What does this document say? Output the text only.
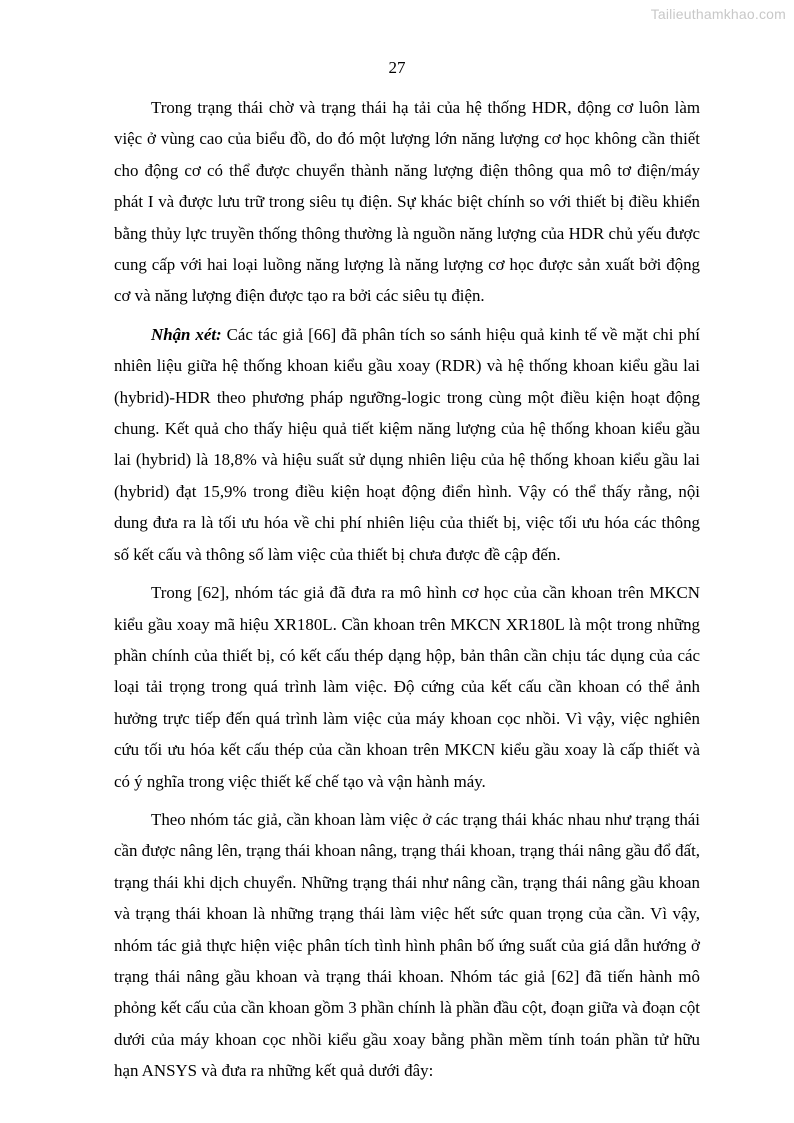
Tailieuthamkhao.com
27

Trong trạng thái chờ và trạng thái hạ tải của hệ thống HDR, động cơ luôn làm việc ở vùng cao của biểu đồ, do đó một lượng lớn năng lượng cơ học không cần thiết cho động cơ có thể được chuyển thành năng lượng điện thông qua mô tơ điện/máy phát I và được lưu trữ trong siêu tụ điện. Sự khác biệt chính so với thiết bị điều khiển bằng thủy lực truyền thống thông thường là nguồn năng lượng của HDR chủ yếu được cung cấp với hai loại luồng năng lượng là năng lượng cơ học được sản xuất bởi động cơ và năng lượng điện được tạo ra bởi các siêu tụ điện.

Nhận xét: Các tác giả [66] đã phân tích so sánh hiệu quả kinh tế về mặt chi phí nhiên liệu giữa hệ thống khoan kiểu gầu xoay (RDR) và hệ thống khoan kiểu gầu lai (hybrid)-HDR theo phương pháp ngưỡng-logic trong cùng một điều kiện hoạt động chung. Kết quả cho thấy hiệu quả tiết kiệm năng lượng của hệ thống khoan kiểu gầu lai (hybrid) là 18,8% và hiệu suất sử dụng nhiên liệu của hệ thống khoan kiểu gầu lai (hybrid) đạt 15,9% trong điều kiện hoạt động điển hình. Vậy có thể thấy rằng, nội dung đưa ra là tối ưu hóa về chi phí nhiên liệu của thiết bị, việc tối ưu hóa các thông số kết cấu và thông số làm việc của thiết bị chưa được đề cập đến.

Trong [62], nhóm tác giả đã đưa ra mô hình cơ học của cần khoan trên MKCN kiểu gầu xoay mã hiệu XR180L. Cần khoan trên MKCN XR180L là một trong những phần chính của thiết bị, có kết cấu thép dạng hộp, bản thân cần chịu tác dụng của các loại tải trọng trong quá trình làm việc. Độ cứng của kết cấu cần khoan có thể ảnh hưởng trực tiếp đến quá trình làm việc của máy khoan cọc nhồi. Vì vậy, việc nghiên cứu tối ưu hóa kết cấu thép của cần khoan trên MKCN kiểu gầu xoay là cấp thiết và có ý nghĩa trong việc thiết kế chế tạo và vận hành máy.

Theo nhóm tác giả, cần khoan làm việc ở các trạng thái khác nhau như trạng thái cần được nâng lên, trạng thái khoan nâng, trạng thái khoan, trạng thái nâng gầu đổ đất, trạng thái khi dịch chuyển. Những trạng thái như nâng cần, trạng thái nâng gầu khoan và trạng thái khoan là những trạng thái làm việc hết sức quan trọng của cần. Vì vậy, nhóm tác giả thực hiện việc phân tích tình hình phân bố ứng suất của giá dẫn hướng ở trạng thái nâng gầu khoan và trạng thái khoan. Nhóm tác giả [62] đã tiến hành mô phỏng kết cấu của cần khoan gồm 3 phần chính là phần đầu cột, đoạn giữa và đoạn cột dưới của máy khoan cọc nhồi kiểu gầu xoay bằng phần mềm tính toán phần tử hữu hạn ANSYS và đưa ra những kết quả dưới đây:
